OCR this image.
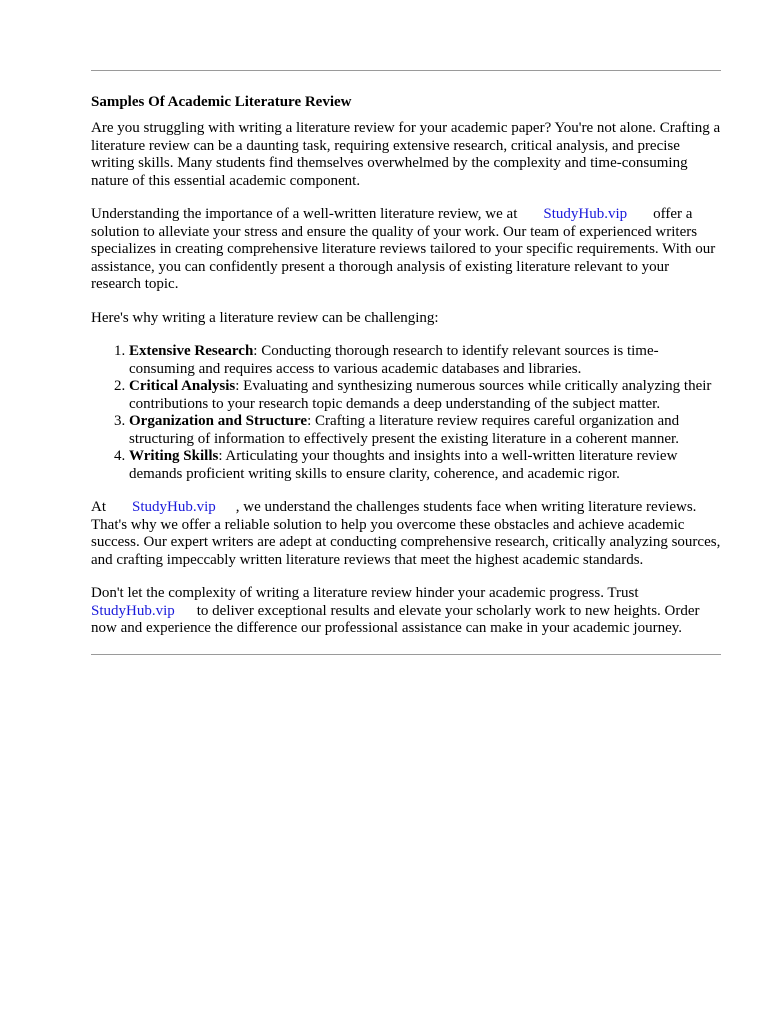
Samples Of Academic Literature Review

Are you struggling with writing a literature review for your academic paper? You're not alone. Crafting a literature review can be a daunting task, requiring extensive research, critical analysis, and precise writing skills. Many students find themselves overwhelmed by the complexity and time-consuming nature of this essential academic component.

Understanding the importance of a well-written literature review, we at StudyHub.vip offer a solution to alleviate your stress and ensure the quality of your work. Our team of experienced writers specializes in creating comprehensive literature reviews tailored to your specific requirements. With our assistance, you can confidently present a thorough analysis of existing literature relevant to your research topic.

Here's why writing a literature review can be challenging:

1. Extensive Research: Conducting thorough research to identify relevant sources is time-consuming and requires access to various academic databases and libraries.
2. Critical Analysis: Evaluating and synthesizing numerous sources while critically analyzing their contributions to your research topic demands a deep understanding of the subject matter.
3. Organization and Structure: Crafting a literature review requires careful organization and structuring of information to effectively present the existing literature in a coherent manner.
4. Writing Skills: Articulating your thoughts and insights into a well-written literature review demands proficient writing skills to ensure clarity, coherence, and academic rigor.

At StudyHub.vip , we understand the challenges students face when writing literature reviews. That's why we offer a reliable solution to help you overcome these obstacles and achieve academic success. Our expert writers are adept at conducting comprehensive research, critically analyzing sources, and crafting impeccably written literature reviews that meet the highest academic standards.

Don't let the complexity of writing a literature review hinder your academic progress. Trust StudyHub.vip to deliver exceptional results and elevate your scholarly work to new heights. Order now and experience the difference our professional assistance can make in your academic journey.
